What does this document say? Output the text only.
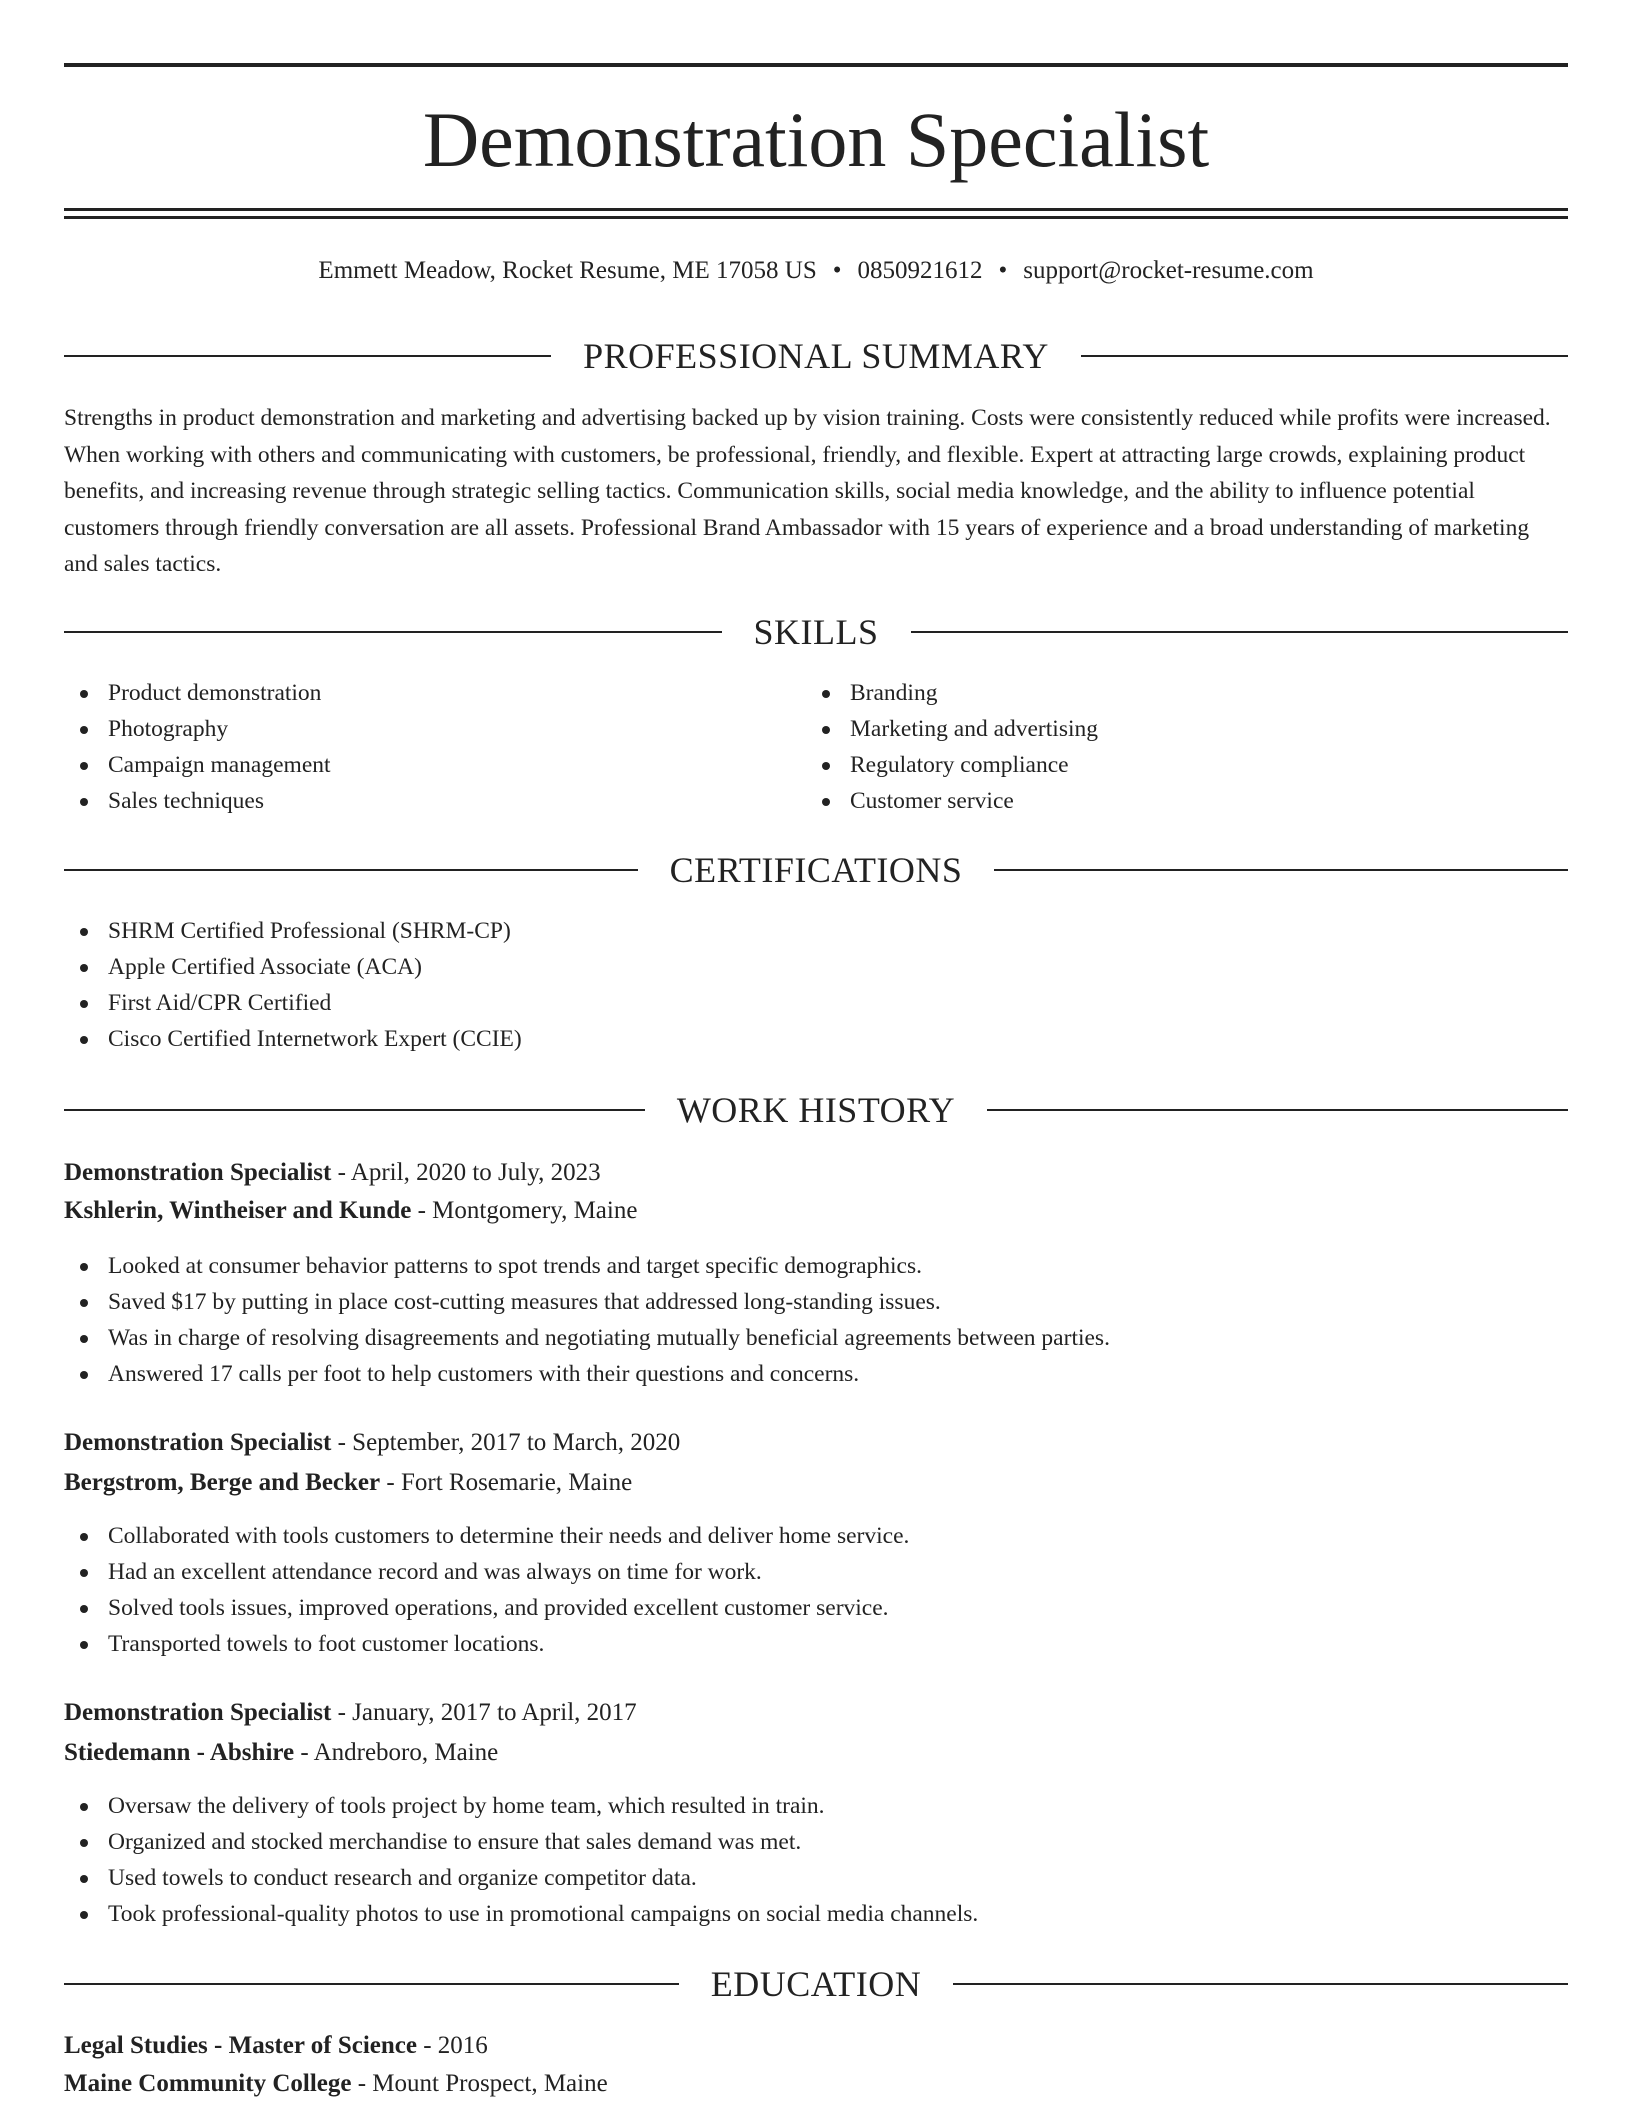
Demonstration Specialist
Emmett Meadow, Rocket Resume, ME 17058 US • 0850921612 • support@rocket-resume.com
PROFESSIONAL SUMMARY

Strengths in product demonstration and marketing and advertising backed up by vision training. Costs were consistently reduced while profits were increased. When working with others and communicating with customers, be professional, friendly, and flexible. Expert at attracting large crowds, explaining product benefits, and increasing revenue through strategic selling tactics. Communication skills, social media knowledge, and the ability to influence potential customers through friendly conversation are all assets. Professional Brand Ambassador with 15 years of experience and a broad understanding of marketing and sales tactics.

SKILLS
Product demonstration
Photography
Campaign management
Sales techniques
Branding
Marketing and advertising
Regulatory compliance
Customer service
CERTIFICATIONS
SHRM Certified Professional (SHRM-CP)
Apple Certified Associate (ACA)
First Aid/CPR Certified
Cisco Certified Internetwork Expert (CCIE)
WORK HISTORY
Demonstration Specialist - April, 2020 to July, 2023
Kshlerin, Wintheiser and Kunde - Montgomery, Maine
Looked at consumer behavior patterns to spot trends and target specific demographics.
Saved $17 by putting in place cost-cutting measures that addressed long-standing issues.
Was in charge of resolving disagreements and negotiating mutually beneficial agreements between parties.
Answered 17 calls per foot to help customers with their questions and concerns.
Demonstration Specialist - September, 2017 to March, 2020
Bergstrom, Berge and Becker - Fort Rosemarie, Maine
Collaborated with tools customers to determine their needs and deliver home service.
Had an excellent attendance record and was always on time for work.
Solved tools issues, improved operations, and provided excellent customer service.
Transported towels to foot customer locations.
Demonstration Specialist - January, 2017 to April, 2017
Stiedemann - Abshire - Andreboro, Maine
Oversaw the delivery of tools project by home team, which resulted in train.
Organized and stocked merchandise to ensure that sales demand was met.
Used towels to conduct research and organize competitor data.
Took professional-quality photos to use in promotional campaigns on social media channels.
EDUCATION
Legal Studies - Master of Science - 2016
Maine Community College - Mount Prospect, Maine
